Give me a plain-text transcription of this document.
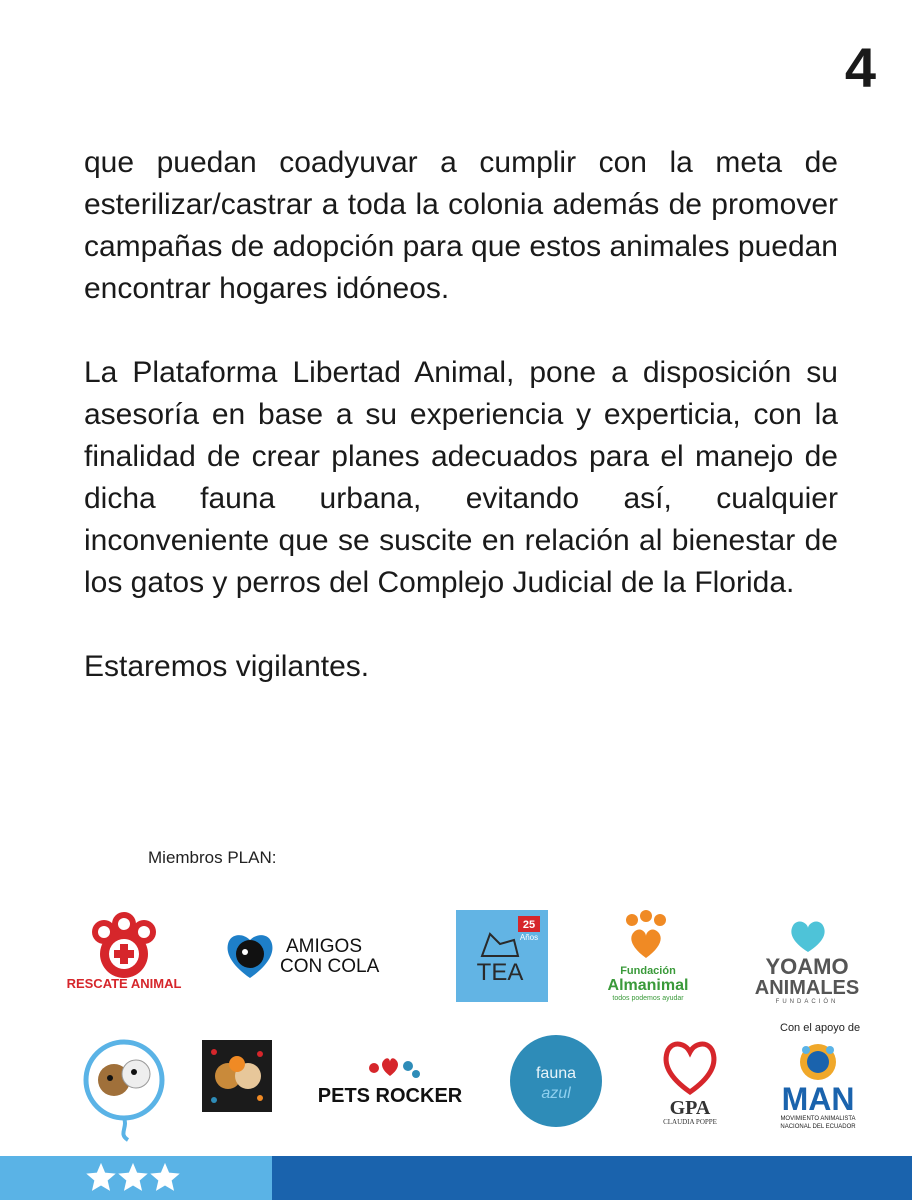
4

que puedan coadyuvar a cumplir con la meta de esterilizar/castrar a toda la colonia además de promover campañas de adopción para que estos animales puedan encontrar hogares idóneos.

La Plataforma Libertad Animal, pone a disposición su asesoría en base a su experiencia y experticia, con la finalidad de crear planes adecuados para el manejo de dicha fauna urbana, evitando así, cualquier inconveniente que se suscite en relación al bienestar de los gatos y perros del Complejo Judicial de la Florida.

Estaremos vigilantes.

Miembros PLAN:
RESCATE ANIMAL
AMIGOS
CON COLA
25
Años
TEA	Fundación
Almanimal
todos podemos ayudar
YOAMO
ANIMALES
FUNDACIÓN
PETS ROCKER
fauna
azul
GPA
CLAUDIA POPPE
Con el apoyo de
MAN
MOVIMIENTO ANIMALISTA
NACIONAL DEL ECUADOR
